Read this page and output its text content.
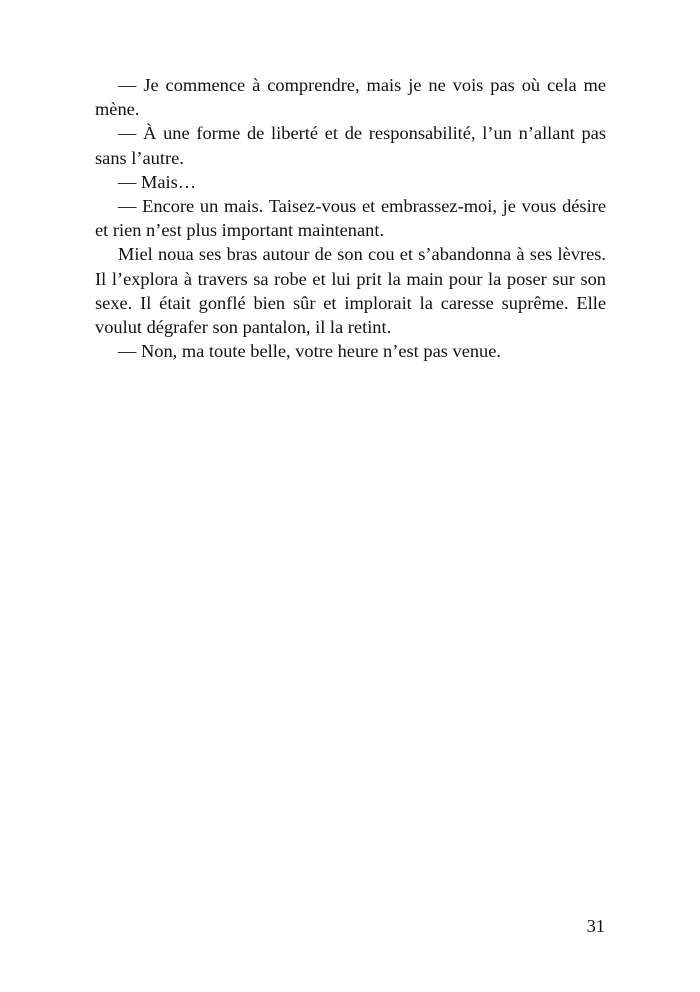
— Je commence à comprendre, mais je ne vois pas où cela me mène.

— À une forme de liberté et de responsabilité, l’un n’allant pas sans l’autre.

— Mais…

— Encore un mais. Taisez-vous et embrassez-moi, je vous désire et rien n’est plus important maintenant.

Miel noua ses bras autour de son cou et s’abandonna à ses lèvres. Il l’explora à travers sa robe et lui prit la main pour la poser sur son sexe. Il était gonflé bien sûr et implorait la caresse suprême. Elle voulut dégrafer son pantalon, il la retint.

— Non, ma toute belle, votre heure n’est pas venue.

31
